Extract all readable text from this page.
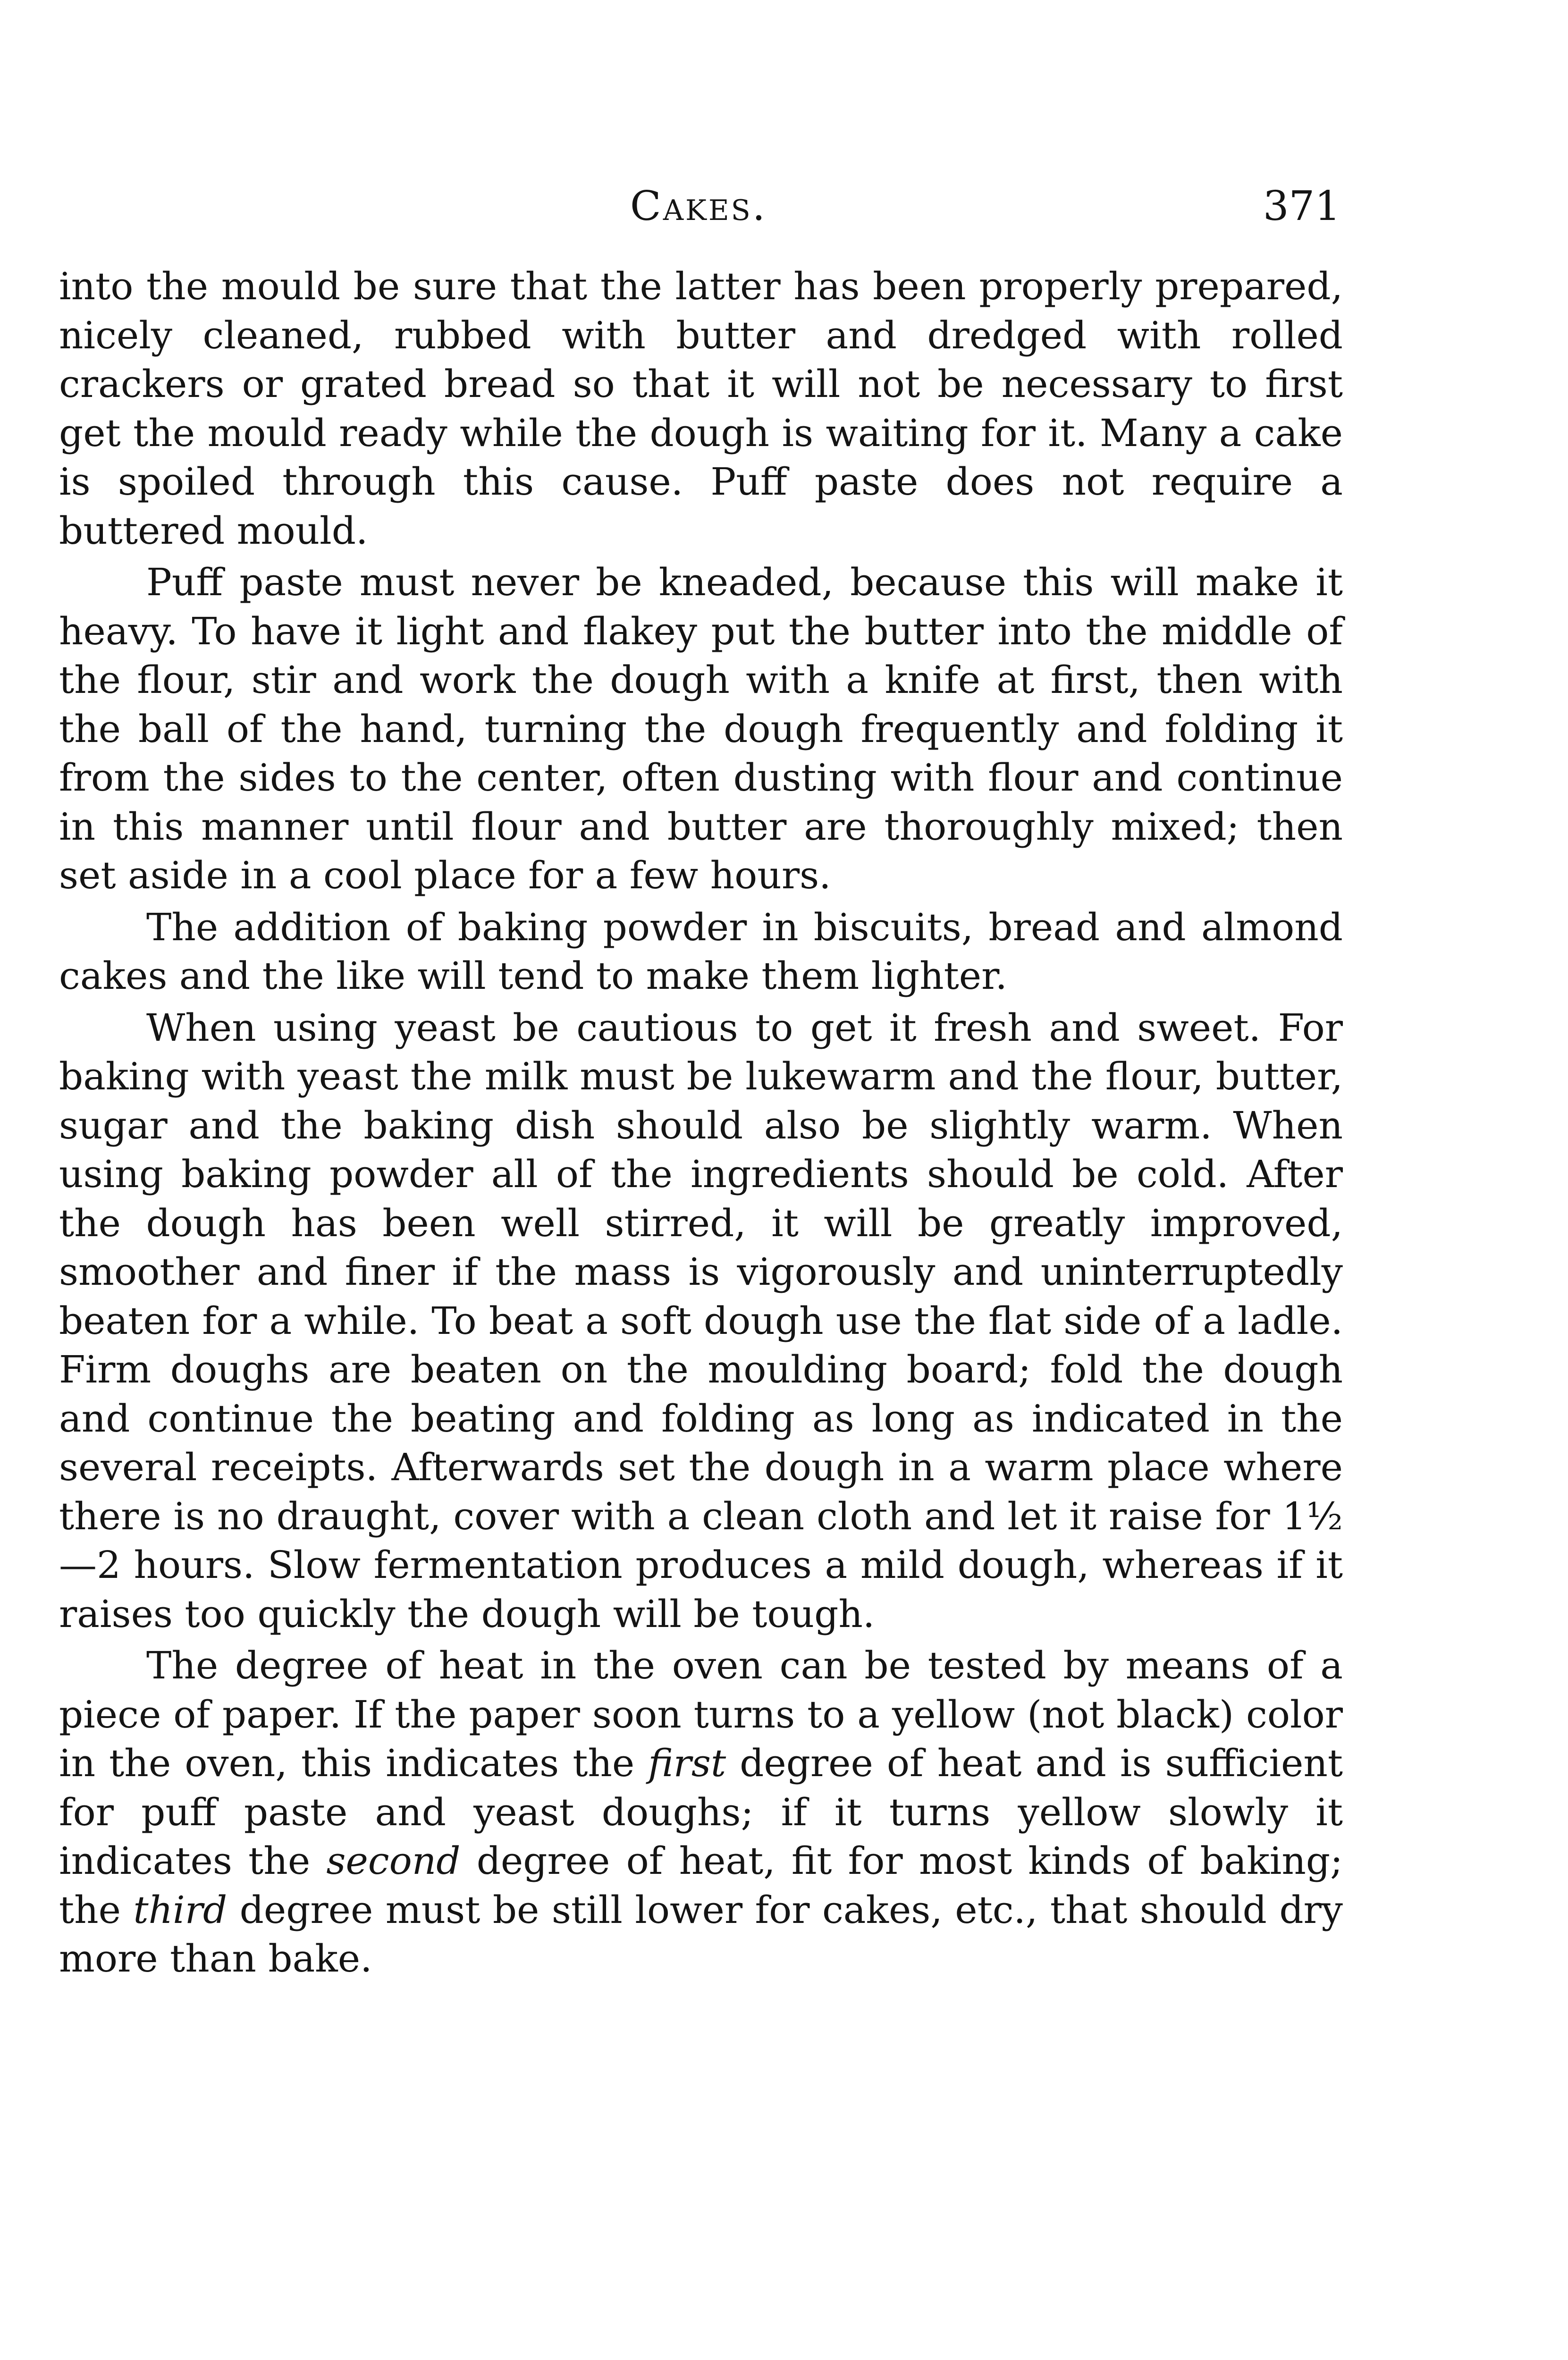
Cakes.	371

into the mould be sure that the latter has been properly prepared, nicely cleaned, rubbed with butter and dredged with rolled crackers or grated bread so that it will not be necessary to first get the mould ready while the dough is waiting for it. Many a cake is spoiled through this cause. Puff paste does not require a buttered mould.

Puff paste must never be kneaded, because this will make it heavy. To have it light and flakey put the butter into the middle of the flour, stir and work the dough with a knife at first, then with the ball of the hand, turning the dough frequently and folding it from the sides to the center, often dusting with flour and continue in this manner until flour and butter are thoroughly mixed; then set aside in a cool place for a few hours.

The addition of baking powder in biscuits, bread and almond cakes and the like will tend to make them lighter.

When using yeast be cautious to get it fresh and sweet. For baking with yeast the milk must be lukewarm and the flour, butter, sugar and the baking dish should also be slightly warm. When using baking powder all of the ingredients should be cold. After the dough has been well stirred, it will be greatly improved, smoother and finer if the mass is vigorously and uninterruptedly beaten for a while. To beat a soft dough use the flat side of a ladle. Firm doughs are beaten on the moulding board; fold the dough and continue the beating and folding as long as indicated in the several receipts. Afterwards set the dough in a warm place where there is no draught, cover with a clean cloth and let it raise for 1½—2 hours. Slow fermentation produces a mild dough, whereas if it raises too quickly the dough will be tough.

The degree of heat in the oven can be tested by means of a piece of paper. If the paper soon turns to a yellow (not black) color in the oven, this indicates the first degree of heat and is sufficient for puff paste and yeast doughs; if it turns yellow slowly it indicates the second degree of heat, fit for most kinds of baking; the third degree must be still lower for cakes, etc., that should dry more than bake.
